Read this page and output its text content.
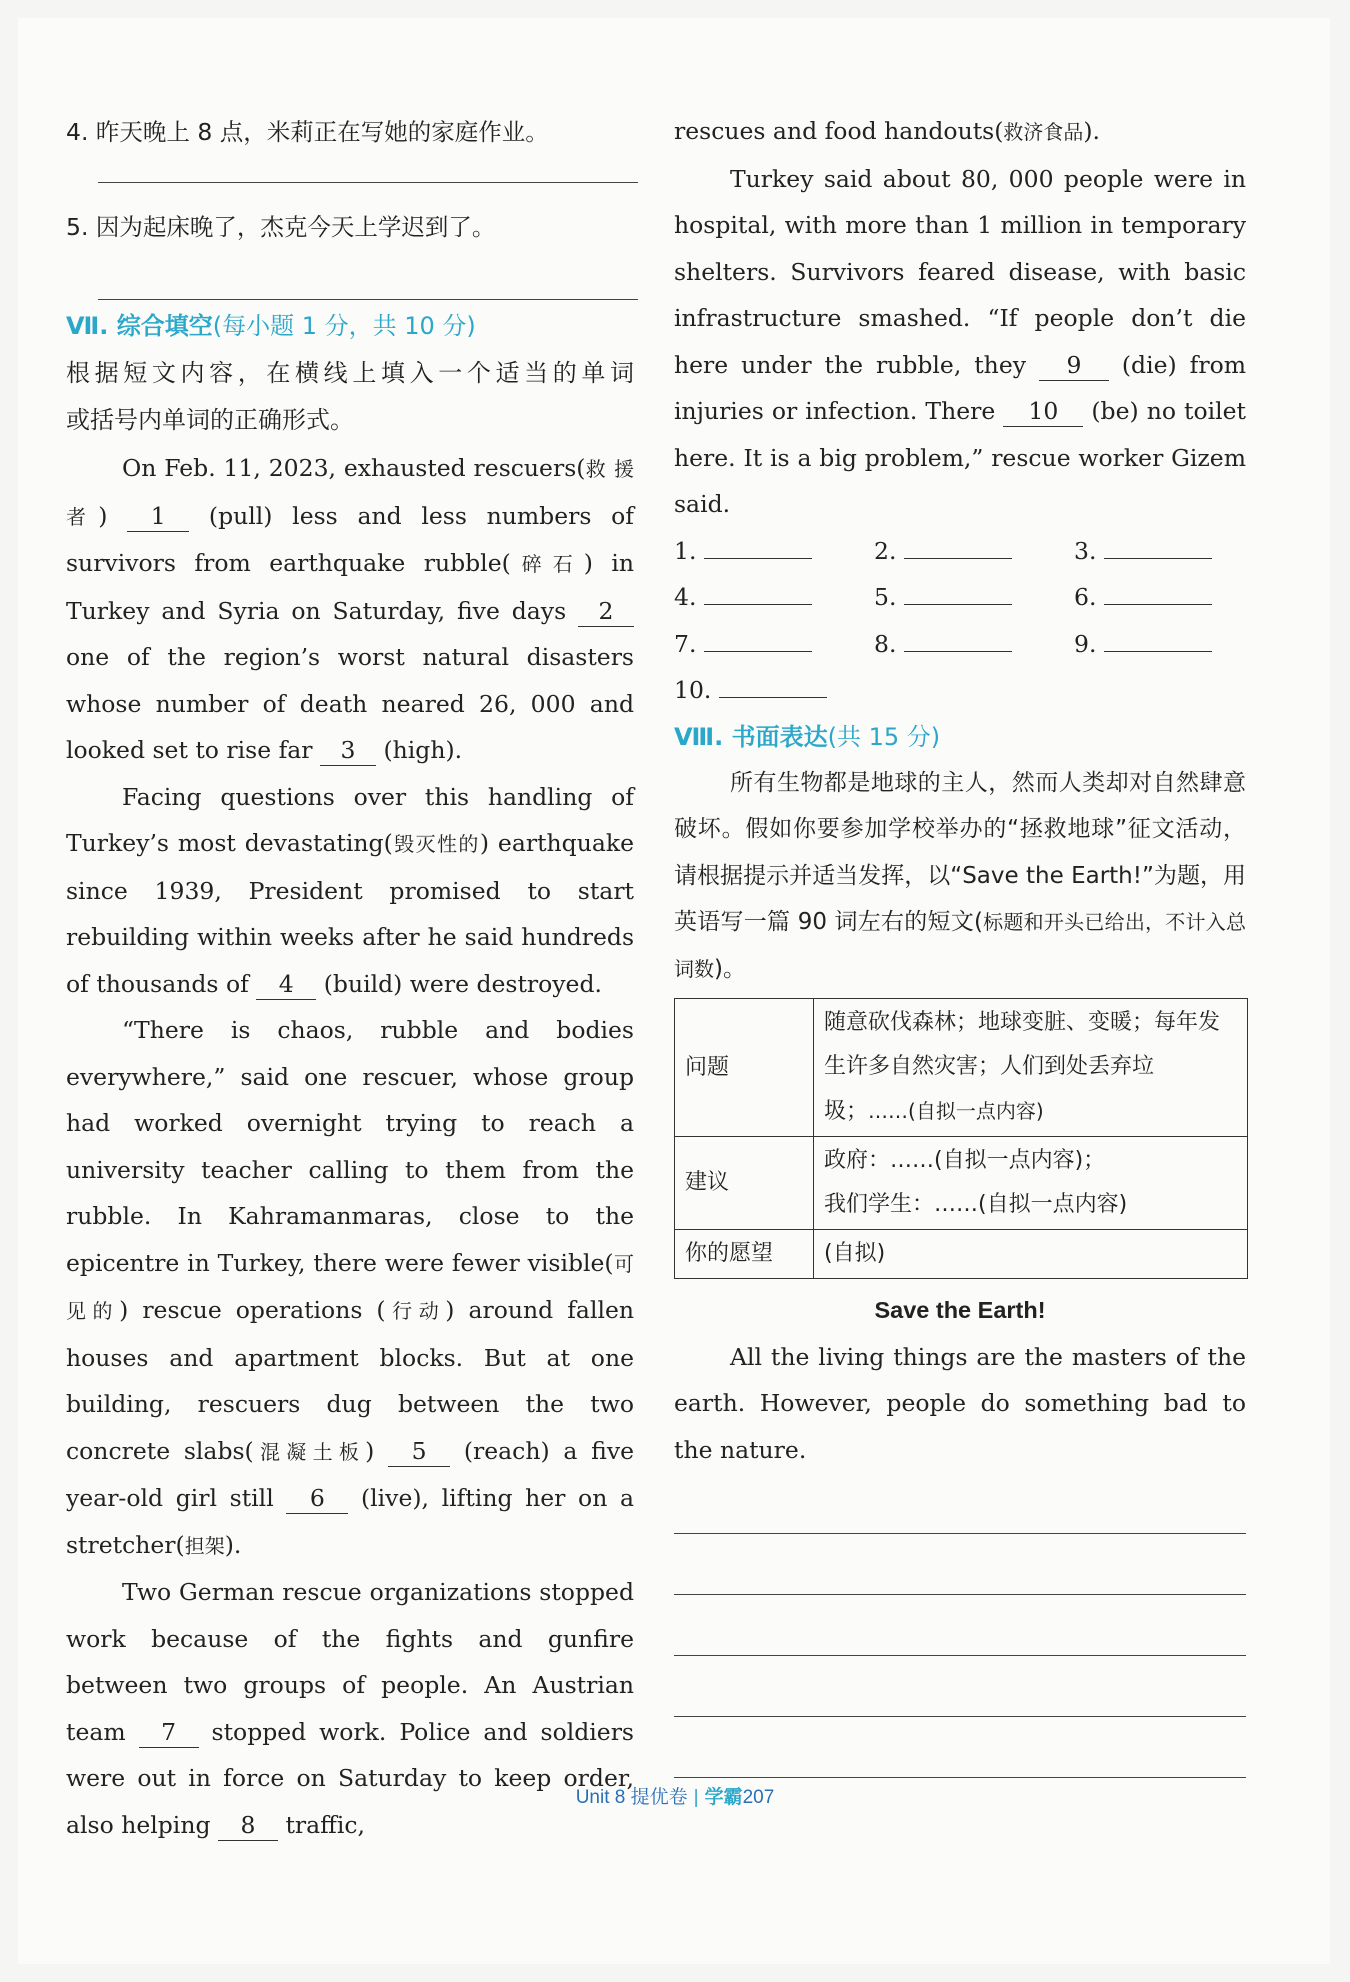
4. 昨天晚上 8 点，米莉正在写她的家庭作业。
5. 因为起床晚了，杰克今天上学迟到了。
Ⅶ. 综合填空(每小题 1 分，共 10 分)
根据短文内容，在横线上填入一个适当的单词
或括号内单词的正确形式。

On Feb. 11, 2023, exhausted rescuers(救 援者) 1 (pull) less and less numbers of survivors from earthquake rubble(碎石) in Turkey and Syria on Saturday, five days 2 one of the region’s worst natural disasters whose number of death neared 26, 000 and looked set to rise far 3 (high).

Facing questions over this handling of Turkey’s most devastating(毁灭性的) earthquake since 1939, President promised to start rebuilding within weeks after he said hundreds of thousands of 4 (build) were destroyed.

“There is chaos, rubble and bodies everywhere,” said one rescuer, whose group had worked overnight trying to reach a university teacher calling to them from the rubble. In Kahramanmaras, close to the epicentre in Turkey, there were fewer visible(可见的) rescue operations (行动) around fallen houses and apartment blocks. But at one building, rescuers dug between the two concrete slabs(混凝土板) 5 (reach) a five year-old girl still 6 (live), lifting her on a stretcher(担架).

Two German rescue organizations stopped work because of the fights and gunfire between two groups of people. An Austrian team 7 stopped work. Police and soldiers were out in force on Saturday to keep order, also helping 8 traffic,

rescues and food handouts(救济食品).

Turkey said about 80, 000 people were in hospital, with more than 1 million in temporary shelters. Survivors feared disease, with basic infrastructure smashed. “If people don’t die here under the rubble, they 9 (die) from injuries or infection. There 10 (be) no toilet here. It is a big problem,” rescue worker Gizem said.

1.	2.	3.
4.	5.	6.
7.	8.	9.
10.
Ⅷ. 书面表达(共 15 分)

所有生物都是地球的主人，然而人类却对自然肆意破坏。假如你要参加学校举办的“拯救地球”征文活动，请根据提示并适当发挥，以“Save the Earth!”为题，用英语写一篇 90 词左右的短文(标题和开头已给出，不计入总词数)。

问题	随意砍伐森林；地球变脏、变暖；每年发生许多自然灾害；人们到处丢弃垃圾；……(自拟一点内容)
建议	政府：……(自拟一点内容)；
我们学生：……(自拟一点内容)

你的愿望	(自拟)
Save the Earth!

All the living things are the masters of the earth. However, people do something bad to the nature.

Unit 8 提优卷 | 学霸207
